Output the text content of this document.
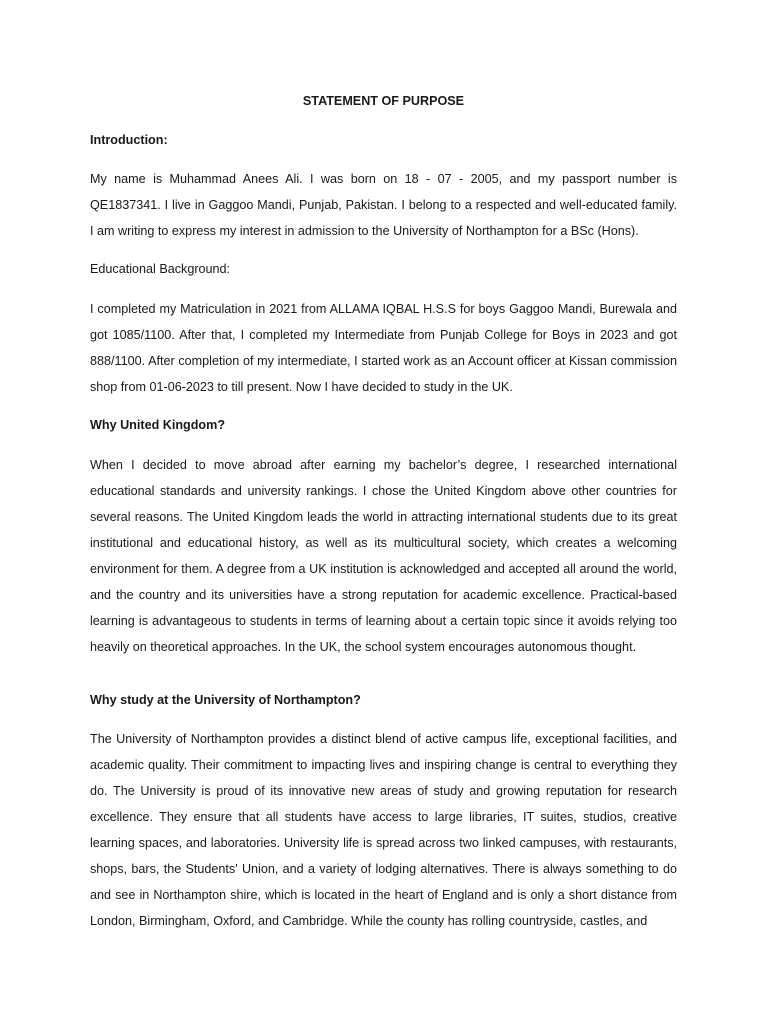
STATEMENT OF PURPOSE

Introduction:

My name is Muhammad Anees Ali. I was born on 18 - 07 - 2005, and my passport number is QE1837341. I live in Gaggoo Mandi, Punjab, Pakistan. I belong to a respected and well-educated family. I am writing to express my interest in admission to the University of Northampton for a BSc (Hons).

Educational Background:

I completed my Matriculation in 2021 from ALLAMA IQBAL H.S.S for boys Gaggoo Mandi, Burewala and got 1085/1100. After that, I completed my Intermediate from Punjab College for Boys in 2023 and got 888/1100. After completion of my intermediate, I started work as an Account officer at Kissan commission shop from 01-06-2023 to till present. Now I have decided to study in the UK.

Why United Kingdom?

When I decided to move abroad after earning my bachelor’s degree, I researched international educational standards and university rankings. I chose the United Kingdom above other countries for several reasons. The United Kingdom leads the world in attracting international students due to its great institutional and educational history, as well as its multicultural society, which creates a welcoming environment for them. A degree from a UK institution is acknowledged and accepted all around the world, and the country and its universities have a strong reputation for academic excellence. Practical-based learning is advantageous to students in terms of learning about a certain topic since it avoids relying too heavily on theoretical approaches. In the UK, the school system encourages autonomous thought.

Why study at the University of Northampton?

The University of Northampton provides a distinct blend of active campus life, exceptional facilities, and academic quality. Their commitment to impacting lives and inspiring change is central to everything they do. The University is proud of its innovative new areas of study and growing reputation for research excellence. They ensure that all students have access to large libraries, IT suites, studios, creative learning spaces, and laboratories. University life is spread across two linked campuses, with restaurants, shops, bars, the Students' Union, and a variety of lodging alternatives. There is always something to do and see in Northampton shire, which is located in the heart of England and is only a short distance from London, Birmingham, Oxford, and Cambridge. While the county has rolling countryside, castles, and
